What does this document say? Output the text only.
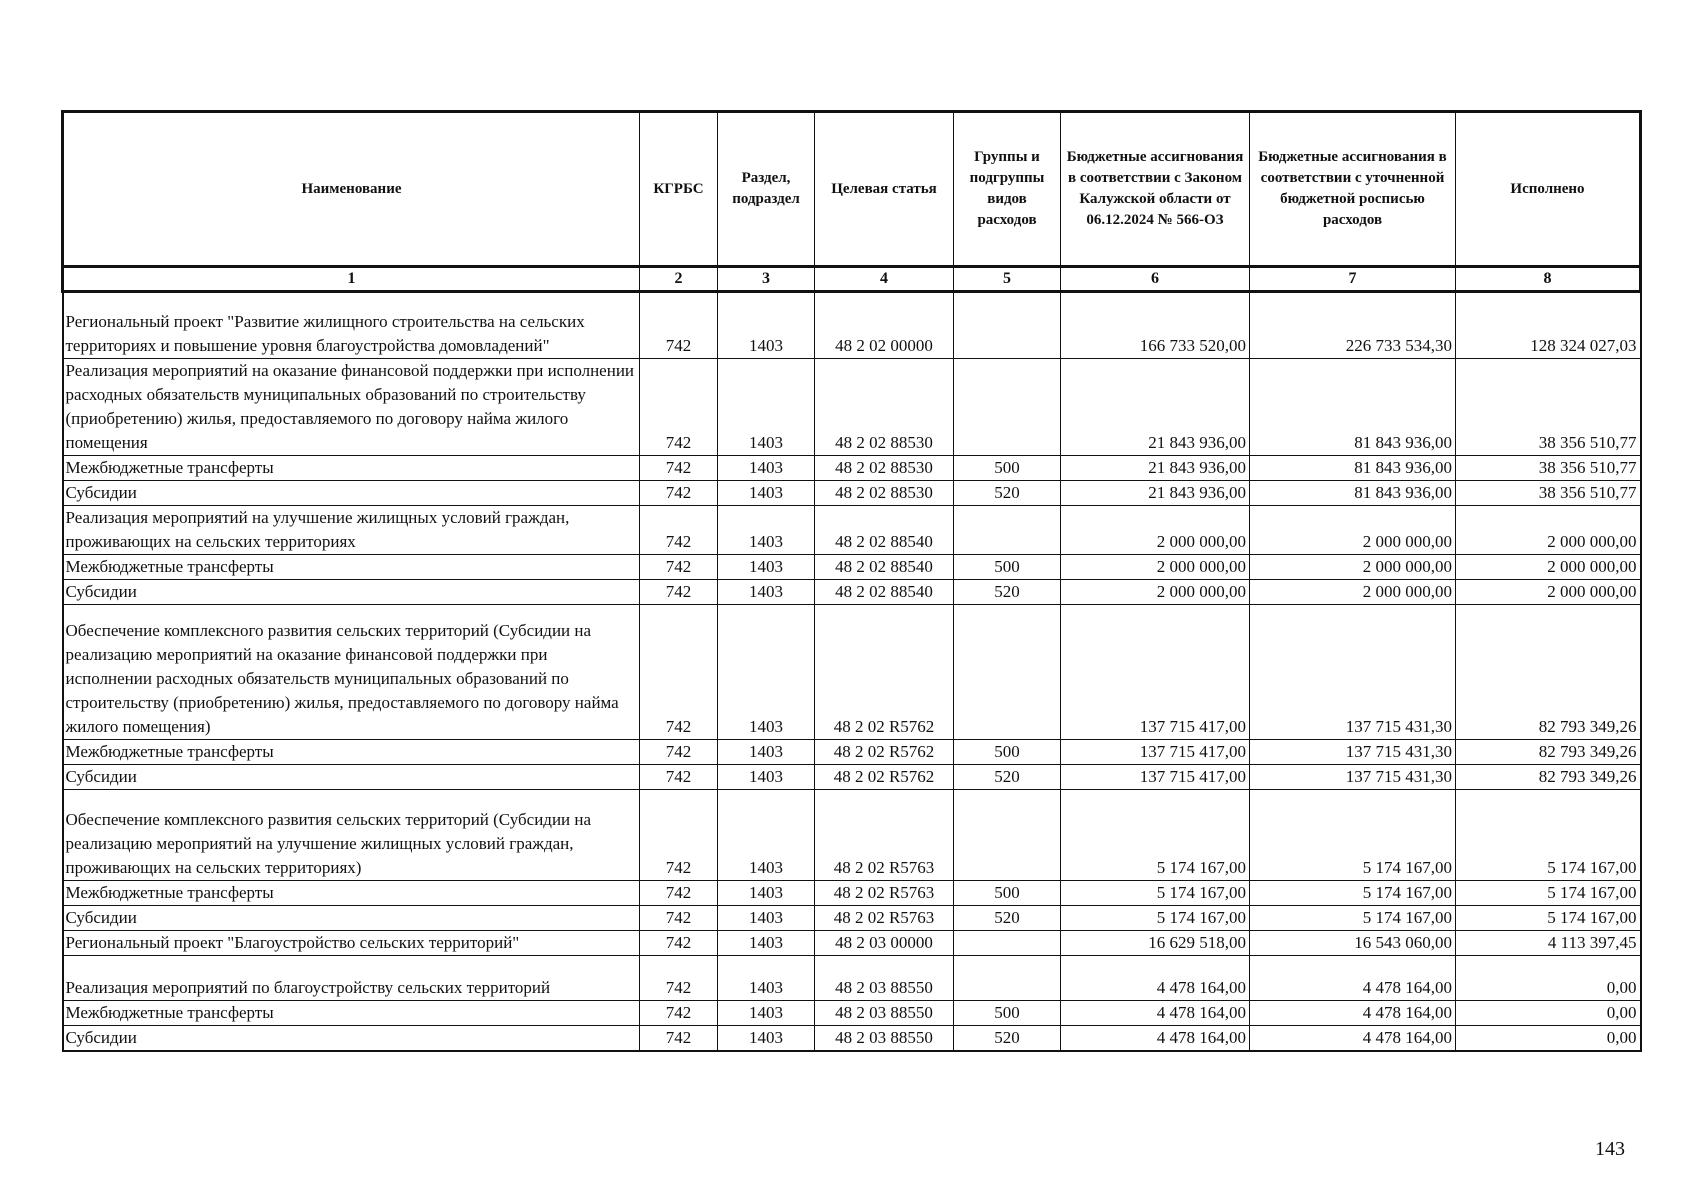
Наименование	КГРБС	Раздел, подраздел	Целевая статья	Группы и подгруппы видов расходов	Бюджетные ассигнования в соответствии с Законом Калужской области от 06.12.2024 № 566-ОЗ	Бюджетные ассигнования в соответствии с уточненной бюджетной росписью расходов	Исполнено
1	2	3	4	5	6	7	8
Региональный проект "Развитие жилищного строительства на сельских территориях и повышение уровня благоустройства домовладений"	742	1403	48 2 02 00000		166 733 520,00	226 733 534,30	128 324 027,03
Реализация мероприятий на оказание финансовой поддержки при исполнении расходных обязательств муниципальных образований по строительству (приобретению) жилья, предоставляемого по договору найма жилого помещения	742	1403	48 2 02 88530		21 843 936,00	81 843 936,00	38 356 510,77
Межбюджетные трансферты	742	1403	48 2 02 88530	500	21 843 936,00	81 843 936,00	38 356 510,77
Субсидии	742	1403	48 2 02 88530	520	21 843 936,00	81 843 936,00	38 356 510,77
Реализация мероприятий на улучшение жилищных условий граждан, проживающих на сельских территориях	742	1403	48 2 02 88540		2 000 000,00	2 000 000,00	2 000 000,00
Межбюджетные трансферты	742	1403	48 2 02 88540	500	2 000 000,00	2 000 000,00	2 000 000,00
Субсидии	742	1403	48 2 02 88540	520	2 000 000,00	2 000 000,00	2 000 000,00
Обеспечение комплексного развития сельских территорий (Субсидии на реализацию мероприятий на оказание финансовой поддержки при исполнении расходных обязательств муниципальных образований по строительству (приобретению) жилья, предоставляемого по договору найма жилого помещения)	742	1403	48 2 02 R5762		137 715 417,00	137 715 431,30	82 793 349,26
Межбюджетные трансферты	742	1403	48 2 02 R5762	500	137 715 417,00	137 715 431,30	82 793 349,26
Субсидии	742	1403	48 2 02 R5762	520	137 715 417,00	137 715 431,30	82 793 349,26
Обеспечение комплексного развития сельских территорий (Субсидии на реализацию мероприятий на улучшение жилищных условий граждан, проживающих на сельских территориях)	742	1403	48 2 02 R5763		5 174 167,00	5 174 167,00	5 174 167,00
Межбюджетные трансферты	742	1403	48 2 02 R5763	500	5 174 167,00	5 174 167,00	5 174 167,00
Субсидии	742	1403	48 2 02 R5763	520	5 174 167,00	5 174 167,00	5 174 167,00
Региональный проект "Благоустройство сельских территорий"	742	1403	48 2 03 00000		16 629 518,00	16 543 060,00	4 113 397,45
Реализация мероприятий по благоустройству сельских территорий	742	1403	48 2 03 88550		4 478 164,00	4 478 164,00	0,00
Межбюджетные трансферты	742	1403	48 2 03 88550	500	4 478 164,00	4 478 164,00	0,00
Субсидии	742	1403	48 2 03 88550	520	4 478 164,00	4 478 164,00	0,00
143
